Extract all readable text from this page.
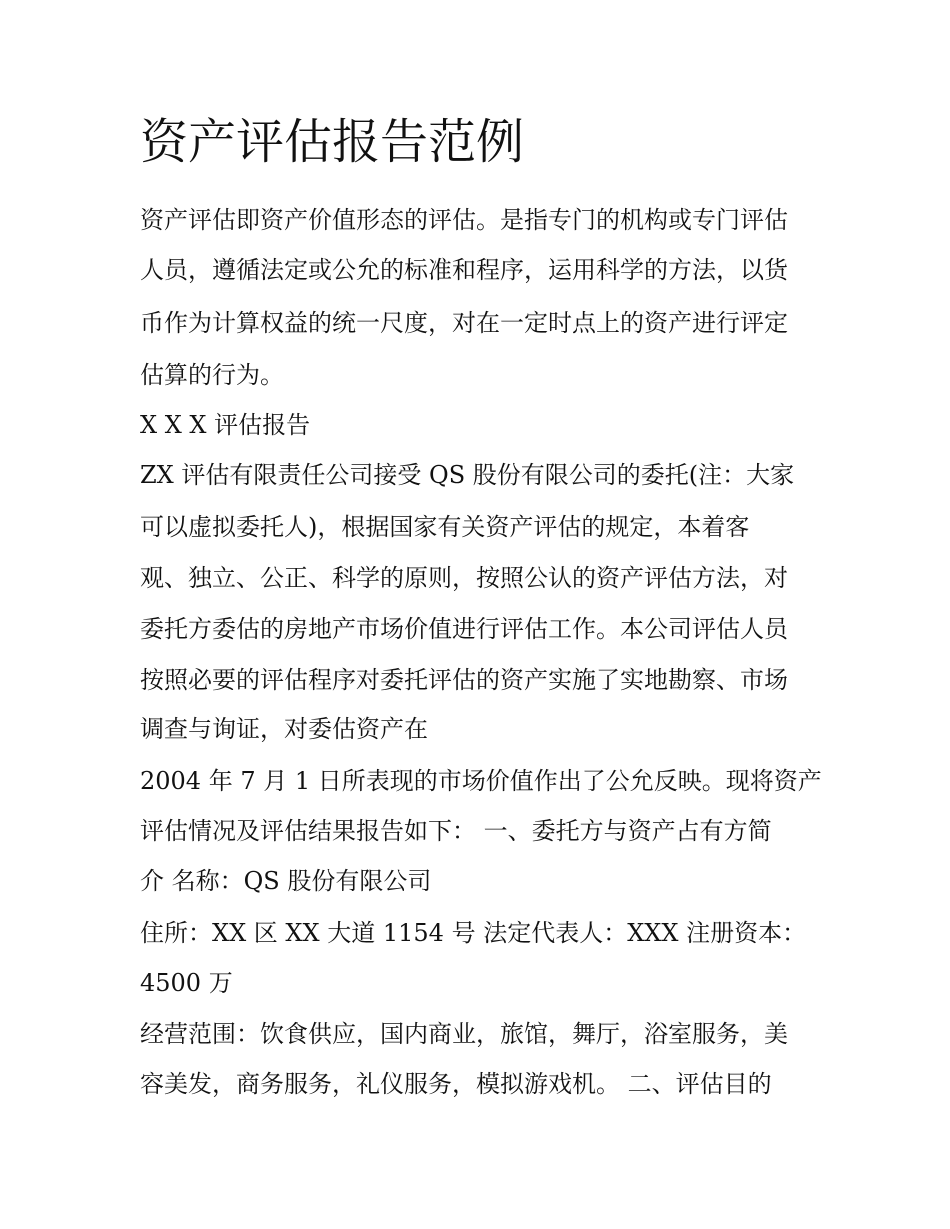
资产评估报告范例

资产评估即资产价值形态的评估。是指专门的机构或专门评估

人员，遵循法定或公允的标准和程序，运用科学的方法，以货

币作为计算权益的统一尺度，对在一定时点上的资产进行评定

估算的行为。

X X X 评估报告

ZX 评估有限责任公司接受 QS 股份有限公司的委托(注：大家

可以虚拟委托人)，根据国家有关资产评估的规定，本着客

观、独立、公正、科学的原则，按照公认的资产评估方法，对

委托方委估的房地产市场价值进行评估工作。本公司评估人员

按照必要的评估程序对委托评估的资产实施了实地勘察、市场

调查与询证，对委估资产在

2004 年 7 月 1 日所表现的市场价值作出了公允反映。现将资产

评估情况及评估结果报告如下： 一、委托方与资产占有方简

介 名称：QS 股份有限公司

住所：XX 区 XX 大道 1154 号 法定代表人：XXX 注册资本：

4500 万

经营范围：饮食供应，国内商业，旅馆，舞厅，浴室服务，美

容美发，商务服务，礼仪服务，模拟游戏机。 二、评估目的
